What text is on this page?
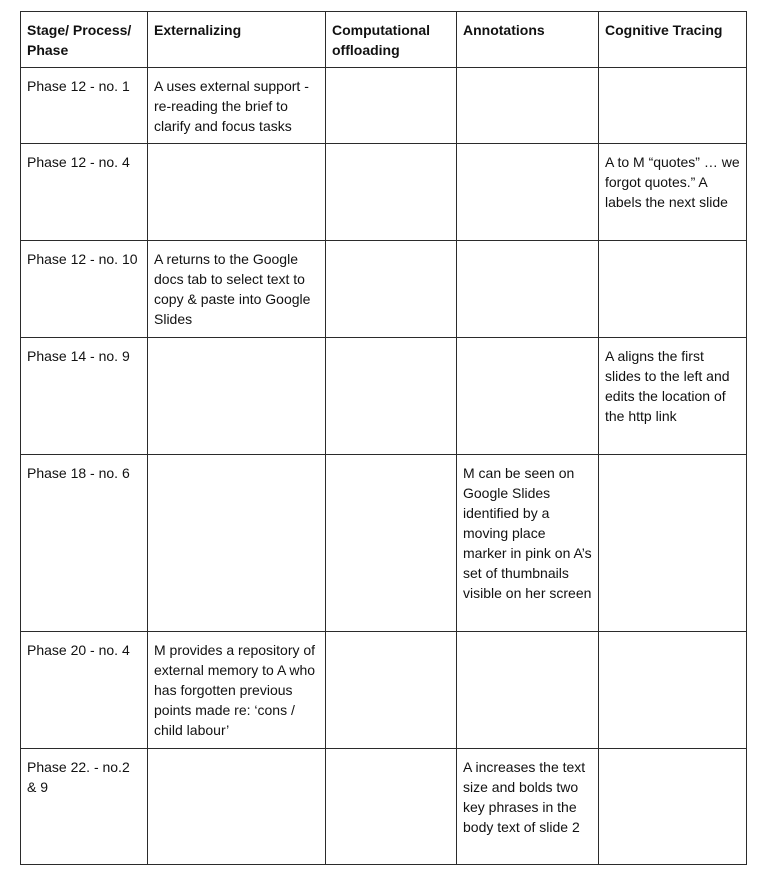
Stage/ Process/ Phase	Externalizing	Computational offloading	Annotations	Cognitive Tracing
Phase 12 - no. 1	A uses external support - re-reading the brief to clarify and focus tasks			
Phase 12 - no. 4				A to M “quotes” … we forgot quotes.” A labels the next slide
Phase 12 - no. 10	A returns to the Google docs tab to select text to copy & paste into Google Slides			
Phase 14 - no. 9				A aligns the first slides to the left and edits the location of the http link
Phase 18 - no. 6			M can be seen on Google Slides identified by a moving place marker in pink on A’s set of thumbnails visible on her screen	
Phase 20 - no. 4	M provides a repository of external memory to A who has forgotten previous points made re: ‘cons / child labour’			
Phase 22. - no.2 & 9			A increases the text size and bolds two key phrases in the body text of slide 2	
